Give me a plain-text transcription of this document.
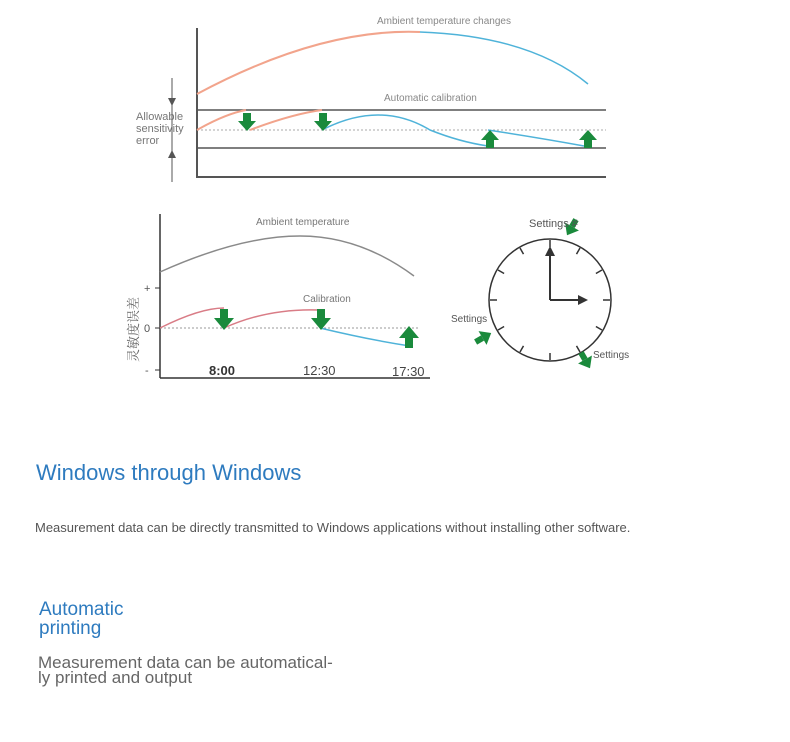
Ambient temperature changes
Automatic calibration
Allowable
sensitivity
error
Ambient temperature
Calibration
灵敏度误差
+
0
-	8:00	12:30	17:30
Settings #
Settings
Settings
Windows through Windows
Measurement data can be directly transmitted to Windows applications without installing other software.
Automatic
printing
Measurement data can be automatical-
ly printed and output
